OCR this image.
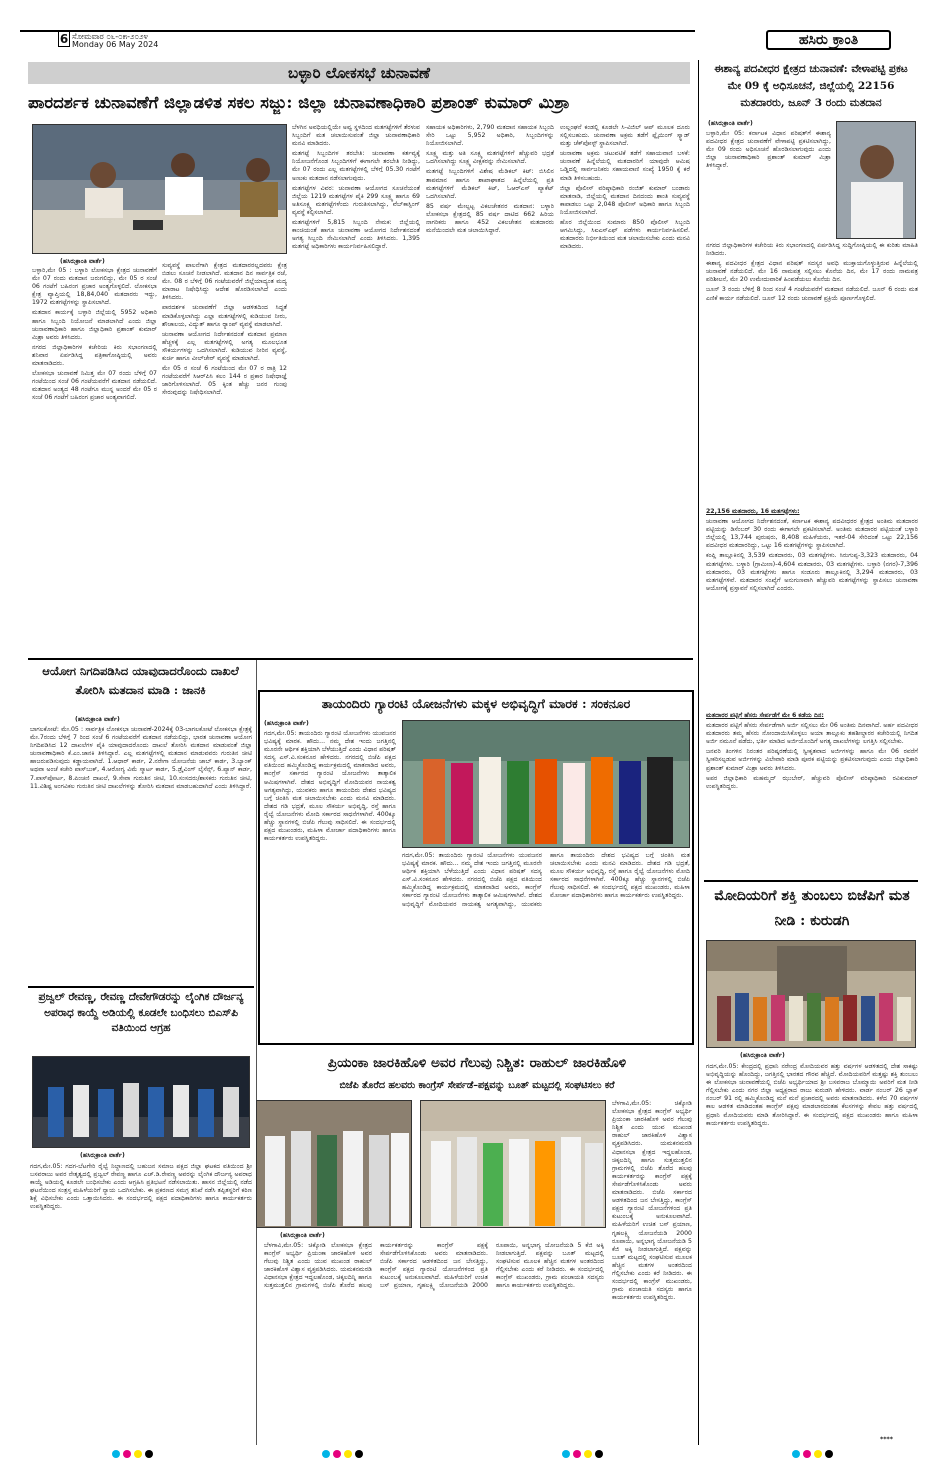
6 ಸೋಮವಾರ ೦೬-೦೫-೨೦೨೪
Monday 06 May 2024	ಹಸಿರು ಕ್ರಾಂತಿ
ಬಳ್ಳಾರಿ ಲೋಕಸಭೆ ಚುನಾವಣೆ
ಪಾರದರ್ಶಕ ಚುನಾವಣೆಗೆ ಜಿಲ್ಲಾಡಳಿತ ಸಕಲ ಸಜ್ಜು: ಜಿಲ್ಲಾ ಚುನಾವಣಾಧಿಕಾರಿ ಪ್ರಶಾಂತ್ ಕುಮಾರ್ ಮಿಶ್ರಾ
(ಹಸಿರುಕ್ರಾಂತಿ ವಾರ್ತೆ)

ಬಳ್ಳಾರಿ,ಮೇ 05 : ಬಳ್ಳಾರಿ ಲೋಕಸಭಾ ಕ್ಷೇತ್ರದ ಚುನಾವಣೆಗೆ ಮೇ 07 ರಂದು ಮತದಾನ ಜರುಗಲಿದ್ದು, ಮೇ 05 ರ ಸಂಜೆ 06 ಗಂಟೆಗೆ ಬಹಿರಂಗ ಪ್ರಚಾರ ಅಂತ್ಯಗೊಳ್ಳಲಿದೆ. ಲೋಕಸಭಾ ಕ್ಷೇತ್ರ ವ್ಯಾಪ್ತಿಯಲ್ಲಿ 18,84,040 ಮತದಾರರು ಇದ್ದು, 1972 ಮತಗಟ್ಟೆಗಳನ್ನು ಸ್ಥಾಪಿಸಲಾಗಿದೆ.

ಮತದಾನ ಕಾರ್ಯಕ್ಕೆ ಬಳ್ಳಾರಿ ಜಿಲ್ಲೆಯಲ್ಲಿ 5952 ಅಧಿಕಾರಿ ಹಾಗೂ ಸಿಬ್ಬಂದಿ ನಿಯೋಜನೆ ಮಾಡಲಾಗಿದೆ ಎಂದು ಜಿಲ್ಲಾ ಚುನಾವಣಾಧಿಕಾರಿ ಹಾಗೂ ಜಿಲ್ಲಾಧಿಕಾರಿ ಪ್ರಶಾಂತ್ ಕುಮಾರ್ ಮಿಶ್ರಾ ಅವರು ತಿಳಿಸಿದರು.

ನಗರದ ಜಿಲ್ಲಾಧಿಕಾರಿಗಳ ಕಚೇರಿಯ ಕಿರು ಸಭಾಂಗಣದಲ್ಲಿ ಶನಿವಾರ ಏರ್ಪಡಿಸಿದ್ದ ಪತ್ರಿಕಾಗೋಷ್ಠಿಯಲ್ಲಿ ಅವರು ಮಾತನಾಡಿದರು.

ಲೋಕಸಭಾ ಚುನಾವಣೆ ನಿಮಿತ್ತ ಮೇ 07 ರಂದು ಬೆಳಿಗ್ಗೆ 07 ಗಂಟೆಯಿಂದ ಸಂಜೆ 06 ಗಂಟೆಯವರೆಗೆ ಮತದಾನ ನಡೆಯಲಿದೆ. ಮತದಾನ ಅಂತ್ಯದ 48 ಗಂಟೆಗೂ ಮುನ್ನ ಅಂದರೆ ಮೇ 05 ರ ಸಂಜೆ 06 ಗಂಟೆಗೆ ಬಹಿರಂಗ ಪ್ರಚಾರ ಅಂತ್ಯವಾಗಲಿದೆ.

ಸುವ್ಯವಸ್ಥೆ ಪಾಲನೆಗಾಗಿ ಕ್ಷೇತ್ರದ ಮತದಾರರಲ್ಲದವರು ಕ್ಷೇತ್ರ ಬಿಡಲು ಸೂಚನೆ ನೀಡಲಾಗಿದೆ. ಮತದಾನ ದಿನ ಸಾರ್ವತ್ರಿಕ ರಜೆ, ಮೇ. 08 ರ ಬೆಳಿಗ್ಗೆ 06 ಗಂಟೆಯವರೆಗೆ ಜಿಲ್ಲೆಯಾದ್ಯಂತ ಮದ್ಯ ಮಾರಾಟ ನಿಷೇಧಿಸಿದ್ದು ಆದೇಶ ಹೊರಡಿಸಲಾಗಿದೆ ಎಂದು ತಿಳಿಸಿದರು.

ಪಾರದರ್ಶಕ ಚುನಾವಣೆಗೆ ಜಿಲ್ಲಾ ಆಡಳಿತದಿಂದ ಸಿದ್ಧತೆ ಮಾಡಿಕೊಳ್ಳಲಾಗಿದ್ದು ಎಲ್ಲಾ ಮತಗಟ್ಟೆಗಳಲ್ಲಿ ಕುಡಿಯುವ ನೀರು, ಶೌಚಾಲಯ, ವಿದ್ಯುತ್ ಹಾಗೂ ರ್‍ಯಾಂಪ್ ವ್ಯವಸ್ಥೆ ಮಾಡಲಾಗಿದೆ.

ಚುನಾವಣಾ ಆಯೋಗದ ನಿರ್ದೇಶನದಂತೆ ಮತದಾನ ಪ್ರಮಾಣ ಹೆಚ್ಚಳಕ್ಕೆ ಎಲ್ಲ ಮತಗಟ್ಟೆಗಳಲ್ಲಿ ಅಗತ್ಯ ಮೂಲಭೂತ ಸೌಕರ್ಯಗಳನ್ನು ಒದಗಿಸಲಾಗಿದೆ. ಕುಡಿಯುವ ನೀರಿನ ವ್ಯವಸ್ಥೆ, ಕುರ್ಚಿ ಹಾಗೂ ವೀಲ್‌ಚೇರ್ ವ್ಯವಸ್ಥೆ ಮಾಡಲಾಗಿದೆ.

ಮೇ 05 ರ ಸಂಜೆ 6 ಗಂಟೆಯಿಂದ ಮೇ 07 ರ ರಾತ್ರಿ 12 ಗಂಟೆಯವರೆಗೆ ಸಿಆರ್‌ಪಿಸಿ ಕಲಂ 144 ರ ಪ್ರಕಾರ ನಿಷೇಧಾಜ್ಞೆ ಜಾರಿಗೊಳಿಸಲಾಗಿದೆ. 05 ಕ್ಕಿಂತ ಹೆಚ್ಚು ಜನರ ಗುಂಪು ಸೇರುವುದನ್ನು ನಿಷೇಧಿಸಲಾಗಿದೆ.

ಬೆಳಗಿನ ಅವಧಿಯಲ್ಲಿಯೇ ಅವ್ವ ಸ್ಥಳದಿಂದ ಮತಗಟ್ಟೆಗಳಿಗೆ ತೆರಳುವ ಸಿಬ್ಬಂದಿಗೆ ಮತ ಚಲಾಯಿಸುವಂತೆ ಜಿಲ್ಲಾ ಚುನಾವಣಾಧಿಕಾರಿ ಮನವಿ ಮಾಡಿದರು.

ಮತಗಟ್ಟೆ ಸಿಬ್ಬಂದಿಗಳ ತರಬೇತಿ: ಚುನಾವಣಾ ಕರ್ತವ್ಯಕ್ಕೆ ನಿಯೋಜನೆಗೊಂಡ ಸಿಬ್ಬಂದಿಗಳಿಗೆ ಈಗಾಗಲೇ ತರಬೇತಿ ನೀಡಿದ್ದು, ಮೇ 07 ರಂದು ಎಲ್ಲ ಮತಗಟ್ಟೆಗಳಲ್ಲಿ ಬೆಳಿಗ್ಗೆ 05.30 ಗಂಟೆಗೆ ಅಣುಕು ಮತದಾನ ನಡೆಸಲಾಗುವುದು.

ಮತಗಟ್ಟೆಗಳ ವಿವರ: ಚುನಾವಣಾ ಆಯೋಗದ ಸೂಚನೆಯಂತೆ ಜಿಲ್ಲೆಯ 1219 ಮತಗಟ್ಟೆಗಳ ಪೈಕಿ 299 ಸೂಕ್ಷ್ಮ ಹಾಗೂ 69 ಅತಿಸೂಕ್ಷ್ಮ ಮತಗಟ್ಟೆಗಳೆಂದು ಗುರುತಿಸಲಾಗಿದ್ದು, ವೆಬ್‌ಕಾಸ್ಟಿಂಗ್ ವ್ಯವಸ್ಥೆ ಕಲ್ಪಿಸಲಾಗಿದೆ.

ಮತಗಟ್ಟೆಗಳಿಗೆ 5,815 ಸಿಬ್ಬಂದಿ ನೇಮಕ: ಜಿಲ್ಲೆಯಲ್ಲಿ ಕಾಂಚಿಯಂತೆ ಹಾಗೂ ಚುನಾವಣಾ ಆಯೋಗದ ನಿರ್ದೇಶನದಂತೆ ಅಗತ್ಯ ಸಿಬ್ಬಂದಿ ನೇಮಿಸಲಾಗಿದೆ ಎಂದು ತಿಳಿಸಿದರು. 1,395 ಮತಗಟ್ಟೆ ಅಧಿಕಾರಿಗಳು ಕಾರ್ಯನಿರ್ವಹಿಸಲಿದ್ದಾರೆ.

ಸಹಾಯಕ ಅಧಿಕಾರಿಗಳು, 2,790 ಮತದಾನ ಸಹಾಯಕ ಸಿಬ್ಬಂದಿ ಸೇರಿ ಒಟ್ಟು 5,952 ಅಧಿಕಾರಿ, ಸಿಬ್ಬಂದಿಗಳನ್ನು ನಿಯೋಜಿಸಲಾಗಿದೆ.

ಸೂಕ್ಷ್ಮ ಮತ್ತು ಅತಿ ಸೂಕ್ಷ್ಮ ಮತಗಟ್ಟೆಗಳಿಗೆ ಹೆಚ್ಚುವರಿ ಭದ್ರತೆ ಒದಗಿಸಲಾಗಿದ್ದು ಸೂಕ್ಷ್ಮ ವೀಕ್ಷಕರನ್ನು ನೇಮಿಸಲಾಗಿದೆ.

ಮತಗಟ್ಟೆ ಸಿಬ್ಬಂದಿಗಳಿಗೆ ವಿಶೇಷ ಮೆಡಿಕಲ್ ಕಿಟ್: ಬಿಸಿಲಿನ ತಾಪಮಾನ ಹಾಗೂ ಶಾಖಾಘಾತದ ಹಿನ್ನೆಲೆಯಲ್ಲಿ ಪ್ರತಿ ಮತಗಟ್ಟೆಗಳಿಗೆ ಮೆಡಿಕಲ್ ಕಿಟ್, ಓಆರ್‌ಎಸ್ ಪ್ಯಾಕೆಟ್ ಒದಗಿಸಲಾಗಿದೆ.

85 ವರ್ಷ ಮೇಲ್ಪಟ್ಟ ವಿಕಲಚೇತನರ ಮತದಾನ: ಬಳ್ಳಾರಿ ಲೋಕಸಭಾ ಕ್ಷೇತ್ರದಲ್ಲಿ 85 ವರ್ಷ ದಾಟಿದ 662 ಹಿರಿಯ ನಾಗರಿಕರು ಹಾಗೂ 452 ವಿಕಲಚೇತನ ಮತದಾರರು ಮನೆಯಿಂದಲೇ ಮತ ಚಲಾಯಿಸಿದ್ದಾರೆ.

ಉಲ್ಲಂಘನೆ ಕಂಡಲ್ಲಿ ಕೂಡಲೇ ಸಿ-ವಿಜಿಲ್ ಆಪ್ ಮೂಲಕ ದೂರು ಸಲ್ಲಿಸಬಹುದು. ಚುನಾವಣಾ ಅಕ್ರಮ ತಡೆಗೆ ಫ್ಲೈಯಿಂಗ್ ಸ್ಕ್ವಾಡ್ ಮತ್ತು ಚೆಕ್‌ಪೋಸ್ಟ್ ಸ್ಥಾಪಿಸಲಾಗಿದೆ.

ಚುನಾವಣಾ ಅಕ್ರಮ ಚಟುವಟಿಕೆ ತಡೆಗೆ ಸಹಾಯವಾಣಿ ಬಳಕೆ: ಚುನಾವಣೆ ಹಿನ್ನೆಲೆಯಲ್ಲಿ ಮತದಾರರಿಗೆ ಯಾವುದೇ ಆಮಿಷ ಒಡ್ಡಿದಲ್ಲಿ ಸಾರ್ವಜನಿಕರು ಸಹಾಯವಾಣಿ ಸಂಖ್ಯೆ 1950 ಕ್ಕೆ ಕರೆ ಮಾಡಿ ತಿಳಿಸಬಹುದು.

ಜಿಲ್ಲಾ ಪೊಲೀಸ್ ವರಿಷ್ಠಾಧಿಕಾರಿ ರಂಜಿತ್ ಕುಮಾರ್ ಬಂಡಾರು ಮಾತನಾಡಿ, ಜಿಲ್ಲೆಯಲ್ಲಿ ಮತದಾನ ದಿನದಂದು ಶಾಂತಿ ಸುವ್ಯವಸ್ಥೆ ಕಾಪಾಡಲು ಒಟ್ಟು 2,048 ಪೊಲೀಸ್ ಅಧಿಕಾರಿ ಹಾಗೂ ಸಿಬ್ಬಂದಿ ನಿಯೋಜಿಸಲಾಗಿದೆ.

ಹೊರ ಜಿಲ್ಲೆಯಿಂದ ಸುಮಾರು 850 ಪೊಲೀಸ್ ಸಿಬ್ಬಂದಿ ಆಗಮಿಸಿದ್ದು, ಸಿಐಎಸ್‌ಎಫ್ ಪಡೆಗಳು ಕಾರ್ಯನಿರ್ವಹಿಸಲಿವೆ. ಮತದಾರರು ನಿರ್ಭೀತಿಯಿಂದ ಮತ ಚಲಾಯಿಸಬೇಕು ಎಂದು ಮನವಿ ಮಾಡಿದರು.

ಈಶಾನ್ಯ ಪದವೀಧರ ಕ್ಷೇತ್ರದ ಚುನಾವಣೆ: ವೇಳಾಪಟ್ಟಿ ಪ್ರಕಟ ಮೇ 09 ಕ್ಕೆ ಅಧಿಸೂಚನೆ, ಜಿಲ್ಲೆಯಲ್ಲಿ 22156 ಮತದಾರರು, ಜೂನ್ 3 ರಂದು ಮತದಾನ
(ಹಸಿರುಕ್ರಾಂತಿ ವಾರ್ತೆ)

ಬಳ್ಳಾರಿ,ಮೇ 05: ಕರ್ನಾಟಕ ವಿಧಾನ ಪರಿಷತ್‌ಗೆ ಈಶಾನ್ಯ ಪದವೀಧರ ಕ್ಷೇತ್ರದ ಚುನಾವಣೆಗೆ ವೇಳಾಪಟ್ಟಿ ಪ್ರಕಟಿಸಲಾಗಿದ್ದು, ಮೇ 09 ರಂದು ಅಧಿಸೂಚನೆ ಹೊರಡಿಸಲಾಗುವುದು ಎಂದು ಜಿಲ್ಲಾ ಚುನಾವಣಾಧಿಕಾರಿ ಪ್ರಶಾಂತ್ ಕುಮಾರ್ ಮಿಶ್ರಾ ತಿಳಿಸಿದ್ದಾರೆ.

ನಗರದ ಜಿಲ್ಲಾಧಿಕಾರಿಗಳ ಕಚೇರಿಯ ಕಿರು ಸಭಾಂಗಣದಲ್ಲಿ ಏರ್ಪಡಿಸಿದ್ದ ಸುದ್ದಿಗೋಷ್ಠಿಯಲ್ಲಿ ಈ ಕುರಿತು ಮಾಹಿತಿ ನೀಡಿದರು.

ಈಶಾನ್ಯ ಪದವೀಧರ ಕ್ಷೇತ್ರದ ವಿಧಾನ ಪರಿಷತ್ ಸದಸ್ಯರ ಅವಧಿ ಮುಕ್ತಾಯಗೊಳ್ಳುತ್ತಿರುವ ಹಿನ್ನೆಲೆಯಲ್ಲಿ ಚುನಾವಣೆ ನಡೆಯಲಿದೆ. ಮೇ 16 ನಾಮಪತ್ರ ಸಲ್ಲಿಸಲು ಕೊನೆಯ ದಿನ, ಮೇ 17 ರಂದು ನಾಮಪತ್ರ ಪರಿಶೀಲನೆ, ಮೇ 20 ಉಮೇದುವಾರಿಕೆ ಹಿಂಪಡೆಯಲು ಕೊನೆಯ ದಿನ.

ಜೂನ್ 3 ರಂದು ಬೆಳಿಗ್ಗೆ 8 ರಿಂದ ಸಂಜೆ 4 ಗಂಟೆಯವರೆಗೆ ಮತದಾನ ನಡೆಯಲಿದೆ. ಜೂನ್ 6 ರಂದು ಮತ ಎಣಿಕೆ ಕಾರ್ಯ ನಡೆಯಲಿದೆ. ಜೂನ್ 12 ರಂದು ಚುನಾವಣೆ ಪ್ರಕ್ರಿಯೆ ಪೂರ್ಣಗೊಳ್ಳಲಿದೆ.

22,156 ಮತದಾರರು, 16 ಮತಗಟ್ಟೆಗಳು:

ಚುನಾವಣಾ ಆಯೋಗದ ನಿರ್ದೇಶನದಂತೆ, ಕರ್ನಾಟಕ ಈಶಾನ್ಯ ಪದವೀಧರರ ಕ್ಷೇತ್ರದ ಅಂತಿಮ ಮತದಾರರ ಪಟ್ಟಿಯನ್ನು ಡಿಸೆಂಬರ್ 30 ರಂದು ಈಗಾಗಲೇ ಪ್ರಕಟಿಸಲಾಗಿದೆ. ಅಂತಿಮ ಮತದಾರರ ಪಟ್ಟಿಯಂತೆ ಬಳ್ಳಾರಿ ಜಿಲ್ಲೆಯಲ್ಲಿ 13,744 ಪುರುಷರು, 8,408 ಮಹಿಳೆಯರು, ಇತರೆ-04 ಸೇರಿದಂತೆ ಒಟ್ಟು 22,156 ಪದವೀಧರ ಮತದಾರರಿದ್ದು, ಒಟ್ಟು 16 ಮತಗಟ್ಟೆಗಳನ್ನು ಸ್ಥಾಪಿಸಲಾಗಿದೆ.

ಕಂಪ್ಲಿ ತಾಲ್ಲೂಕಿನಲ್ಲಿ 3,539 ಮತದಾರರು, 03 ಮತಗಟ್ಟೆಗಳು. ಸಿರುಗುಪ್ಪ-3,323 ಮತದಾರರು, 04 ಮತಗಟ್ಟೆಗಳು. ಬಳ್ಳಾರಿ (ಗ್ರಾಮೀಣ)-4,604 ಮತದಾರರು, 03 ಮತಗಟ್ಟೆಗಳು. ಬಳ್ಳಾರಿ (ನಗರ)-7,396 ಮತದಾರರು, 03 ಮತಗಟ್ಟೆಗಳು ಹಾಗೂ ಸಂಡೂರು ತಾಲ್ಲೂಕಿನಲ್ಲಿ 3,294 ಮತದಾರರು, 03 ಮತಗಟ್ಟೆಗಳಿವೆ. ಮತದಾರರ ಸಂಖ್ಯೆಗೆ ಅನುಗುಣವಾಗಿ ಹೆಚ್ಚುವರಿ ಮತಗಟ್ಟೆಗಳನ್ನು ಸ್ಥಾಪಿಸಲು ಚುನಾವಣಾ ಆಯೋಗಕ್ಕೆ ಪ್ರಸ್ತಾವನೆ ಸಲ್ಲಿಸಲಾಗಿದೆ ಎಂದರು.

ಮತದಾರರ ಪಟ್ಟಿಗೆ ಹೆಸರು ಸೇರ್ಪಡೆಗೆ ಮೇ 6 ಕಡೆಯ ದಿನ:

ಮತದಾರರ ಪಟ್ಟಿಗೆ ಹೆಸರು ಸೇರ್ಪಡೆಗಾಗಿ ಅರ್ಜಿ ಸಲ್ಲಿಸಲು ಮೇ 06 ಅಂತಿಮ ದಿನವಾಗಿದೆ. ಅರ್ಹ ಪದವೀಧರ ಮತದಾರರು ತಮ್ಮ ಹೆಸರು ನೋಂದಾಯಿಸಿಕೊಳ್ಳಲು ಅಯಾ ತಾಲ್ಲೂಕು ತಹಶೀಲ್ದಾರರ ಕಚೇರಿಯಲ್ಲಿ ನಿಗದಿತ ಅರ್ಜಿ ನಮೂನೆ ಪಡೆದು, ಭರ್ತಿ ಮಾಡಿದ ಅರ್ಜಿಯೊಂದಿಗೆ ಅಗತ್ಯ ದಾಖಲೆಗಳನ್ನು ಲಗತ್ತಿಸಿ ಸಲ್ಲಿಸಬೇಕು.

ಜನವರಿ ತಿಂಗಳಿನ ನಿರಂತರ ಪರಿಷ್ಕರಣೆಯಲ್ಲಿ ಸ್ವೀಕೃತವಾದ ಅರ್ಜಿಗಳನ್ನು ಹಾಗೂ ಮೇ 06 ರವರೆಗೆ ಸ್ವೀಕರಿಸಲ್ಪಡುವ ಅರ್ಜಿಗಳನ್ನು ವಿಲೇವಾರಿ ಮಾಡಿ ಪೂರಕ ಪಟ್ಟಿಯನ್ನು ಪ್ರಕಟಿಸಲಾಗುವುದು ಎಂದು ಜಿಲ್ಲಾಧಿಕಾರಿ ಪ್ರಶಾಂತ್ ಕುಮಾರ್ ಮಿಶ್ರಾ ಅವರು ತಿಳಿಸಿದರು.

ಅಪರ ಜಿಲ್ಲಾಧಿಕಾರಿ ಮಹಮ್ಮದ್ ಝುಬೇರ್, ಹೆಚ್ಚುವರಿ ಪೊಲೀಸ್ ವರಿಷ್ಠಾಧಿಕಾರಿ ರವಿಕುಮಾರ್ ಉಪಸ್ಥಿತರಿದ್ದರು.

ಮೋದಿಯರಿಗೆ ಶಕ್ತಿ ತುಂಬಲು ಬಿಜೆಪಿಗೆ ಮತ ನೀಡಿ : ಕುರುಡಗಿ
(ಹಸಿರುಕ್ರಾಂತಿ ವಾರ್ತೆ)
ಗದಗ,ಮೇ.05: ಕೇಂದ್ರದಲ್ಲಿ ಪ್ರಧಾನಿ ನರೇಂದ್ರ ಮೋದಿಯವರ ಹತ್ತು ವರ್ಷಗಳ ಆಡಳಿತದಲ್ಲಿ ದೇಶ ಸಾಕಷ್ಟು ಅಭಿವೃದ್ಧಿಯನ್ನು ಹೊಂದಿದ್ದು, ಜಗತ್ತಿನಲ್ಲಿ ಭಾರತದ ಗೌರವ ಹೆಚ್ಚಿದೆ. ಮೋದಿಯವರಿಗೆ ಮತ್ತಷ್ಟು ಶಕ್ತಿ ತುಂಬಲು ಈ ಲೋಕಸಭಾ ಚುನಾವಣೆಯಲ್ಲಿ ಬಿಜೆಪಿ ಅಭ್ಯರ್ಥಿಯಾದ ಶ್ರೀ ಬಸವರಾಜ ಬೊಮ್ಮಾಯಿ ಅವರಿಗೆ ಮತ ನೀಡಿ ಗೆಲ್ಲಿಸಬೇಕು ಎಂದು ನಗರ ಜಿಲ್ಲಾ ಅಧ್ಯಕ್ಷರಾದ ರಾಜು ಕುರುಡಗಿ ಹೇಳಿದರು. ವಾರ್ಡ ನಂಬರ್ 26 ಬ್ಲಾಕ್ ನಂಬರ್ 91 ರಲ್ಲಿ ಹಮ್ಮಿಕೊಂಡಿದ್ದ ಮನೆ ಮನೆ ಪ್ರಚಾರದಲ್ಲಿ ಅವರು ಮಾತನಾಡಿದರು. ಕಳೆದ 70 ವರ್ಷಗಳ ಕಾಲ ಆಡಳಿತ ಮಾಡಿದಂತಹ ಕಾಂಗ್ರೆಸ್ ಪಕ್ಷವು ಮಾಡಲಾರದಂತಹ ಕೆಲಸಗಳನ್ನು ಕೇವಲ ಹತ್ತು ವರ್ಷದಲ್ಲಿ ಪ್ರಧಾನಿ ಮೋದಿಯವರು ಮಾಡಿ ತೋರಿಸಿದ್ದಾರೆ. ಈ ಸಂದರ್ಭದಲ್ಲಿ ಪಕ್ಷದ ಮುಖಂಡರು ಹಾಗೂ ಮಹಿಳಾ ಕಾರ್ಯಕರ್ತರು ಉಪಸ್ಥಿತರಿದ್ದರು.
****
ಆಯೋಗ ನಿಗದಿಪಡಿಸಿದ ಯಾವುದಾದರೊಂದು ದಾಖಲೆ ತೋರಿಸಿ ಮತದಾನ ಮಾಡಿ : ಜಾನಕಿ
(ಹಸಿರುಕ್ರಾಂತಿ ವಾರ್ತೆ)
ಬಾಗಲಕೋಟೆ: ಮೇ.05 : ಸಾರ್ವತ್ರಿಕ ಲೋಕಸಭಾ ಚುನಾವಣೆ-2024ಕ್ಕೆ 03-ಬಾಗಲಕೋಟೆ ಲೋಕಸಭಾ ಕ್ಷೇತ್ರಕ್ಕೆ ಮೇ.7ರಂದು ಬೆಳಿಗ್ಗೆ 7 ರಿಂದ ಸಂಜೆ 6 ಗಂಟೆಯವರೆಗೆ ಮತದಾನ ನಡೆಯಲಿದ್ದು, ಭಾರತ ಚುನಾವಣಾ ಆಯೋಗ ನಿಗದಿಪಡಿಸಿದ 12 ದಾಖಲೆಗಳ ಪೈಕಿ ಯಾವುದಾದರೊಂದು ದಾಖಲೆ ತೋರಿಸಿ ಮತದಾನ ಮಾಡುವಂತೆ ಜಿಲ್ಲಾ ಚುನಾವಣಾಧಿಕಾರಿ ಕೆ.ಎಂ.ಜಾನಕಿ ತಿಳಿಸಿದ್ದಾರೆ. ಎಲ್ಲ ಮತಗಟ್ಟೆಗಳಲ್ಲಿ ಮತದಾನ ಮಾಡುವವರು ಗುರುತಿನ ಚೀಟಿ ಹಾಜರುಪಡಿಸುವುದು ಕಡ್ಡಾಯವಾಗಿದೆ. 1.ಆಧಾರ್ ಕಾರ್ಡ, 2.ನರೇಗಾ ಯೋಜನೆಯ ಜಾಬ್ ಕಾರ್ಡ, 3.ಬ್ಯಾಂಕ್ ಅಥವಾ ಅಂಚೆ ಕಚೇರಿ ಪಾಸ್‌ಬುಕ್, 4.ಆರೋಗ್ಯ ವಿಮೆ ಸ್ಮಾರ್ಟ ಕಾರ್ಡ, 5.ಡ್ರೈವಿಂಗ್ ಲೈಸೆನ್ಸ್, 6.ಪ್ಯಾನ್ ಕಾರ್ಡ, 7.ಪಾಸ್‌ಪೋರ್ಟ, 8.ಪಿಂಚಣಿ ದಾಖಲೆ, 9.ಸೇವಾ ಗುರುತಿನ ಚೀಟಿ, 10.ಸಂಸದರು/ಶಾಸಕರು ಗುರುತಿನ ಚೀಟಿ, 11.ವಿಶಿಷ್ಟ ಅಂಗವಿಕಲ ಗುರುತಿನ ಚೀಟಿ ದಾಖಲೆಗಳನ್ನು ತೋರಿಸಿ ಮತದಾನ ಮಾಡಬಹುದಾಗಿದೆ ಎಂದು ತಿಳಿಸಿದ್ದಾರೆ.
ಪ್ರಜ್ವಲ್ ರೇವಣ್ಣ, ರೇವಣ್ಣ ದೇವೇಗೌಡರನ್ನು ಲೈಂಗಿಕ ದೌರ್ಜನ್ಯ ಅಪರಾಧ ಕಾಯ್ದೆ ಅಡಿಯಲ್ಲಿ ಕೂಡಲೇ ಬಂಧಿಸಲು ಬಿಎಸ್‌ಪಿ ವತಿಯಿಂದ ಆಗ್ರಹ
(ಹಸಿರುಕ್ರಾಂತಿ ವಾರ್ತೆ)
ಗದಗ,ಮೇ.05: ಗದಗ-ಬೆಟಗೇರಿ ರೈಲ್ವೆ ನಿಲ್ದಾಣದಲ್ಲಿ ಬಹುಜನ ಸಮಾಜ ಪಕ್ಷದ ಜಿಲ್ಲಾ ಘಟಕದ ವತಿಯಿಂದ ಶ್ರೀ ಬಸವರಾಜು ಅವರ ನೇತೃತ್ವದಲ್ಲಿ ಪ್ರಜ್ವಲ್ ರೇವಣ್ಣ ಹಾಗೂ ಎಚ್.ಡಿ.ರೇವಣ್ಣ ಅವರನ್ನು ಲೈಂಗಿಕ ದೌರ್ಜನ್ಯ ಅಪರಾಧ ಕಾಯ್ದೆ ಅಡಿಯಲ್ಲಿ ಕೂಡಲೇ ಬಂಧಿಸಬೇಕು ಎಂದು ಆಗ್ರಹಿಸಿ ಪ್ರತಿಭಟನೆ ನಡೆಸಲಾಯಿತು. ಹಾಸನ ಜಿಲ್ಲೆಯಲ್ಲಿ ನಡೆದ ಘಟನೆಯಿಂದ ಸಂತ್ರಸ್ತ ಮಹಿಳೆಯರಿಗೆ ನ್ಯಾಯ ಒದಗಿಸಬೇಕು. ಈ ಪ್ರಕರಣದ ಸಮಗ್ರ ತನಿಖೆ ನಡೆಸಿ ತಪ್ಪಿತಸ್ಥರಿಗೆ ಕಠಿಣ ಶಿಕ್ಷೆ ವಿಧಿಸಬೇಕು ಎಂದು ಒತ್ತಾಯಿಸಿದರು. ಈ ಸಂದರ್ಭದಲ್ಲಿ ಪಕ್ಷದ ಪದಾಧಿಕಾರಿಗಳು ಹಾಗೂ ಕಾರ್ಯಕರ್ತರು ಉಪಸ್ಥಿತರಿದ್ದರು.
ತಾಯಂದಿರು ಗ್ಯಾರಂಟಿ ಯೋಜನೆಗಳು ಮಕ್ಕಳ ಅಭಿವೃದ್ಧಿಗೆ ಮಾರಕ : ಸಂಕನೂರ
(ಹಸಿರುಕ್ರಾಂತಿ ವಾರ್ತೆ)
ಗದಗ,ಮೇ.05: ತಾಯಂದಿರು ಗ್ಯಾರಂಟಿ ಯೋಜನೆಗಳು ಯುವಜನರ ಭವಿಷ್ಯಕ್ಕೆ ಮಾರಕ. ಹೌದು... ನಮ್ಮ ದೇಶ ಇಂದು ಜಗತ್ತಿನಲ್ಲಿ ಮೂರನೇ ಆರ್ಥಿಕ ಶಕ್ತಿಯಾಗಿ ಬೆಳೆಯುತ್ತಿದೆ ಎಂದು ವಿಧಾನ ಪರಿಷತ್ ಸದಸ್ಯ ಎಸ್.ವಿ.ಸಂಕನೂರ ಹೇಳಿದರು. ನಗರದಲ್ಲಿ ಬಿಜೆಪಿ ಪಕ್ಷದ ವತಿಯಿಂದ ಹಮ್ಮಿಕೊಂಡಿದ್ದ ಕಾರ್ಯಕ್ರಮದಲ್ಲಿ ಮಾತನಾಡಿದ ಅವರು, ಕಾಂಗ್ರೆಸ್ ಸರ್ಕಾರದ ಗ್ಯಾರಂಟಿ ಯೋಜನೆಗಳು ತಾತ್ಕಾಲಿಕ ಆಮಿಷಗಳಾಗಿವೆ. ದೇಶದ ಅಭಿವೃದ್ಧಿಗೆ ಮೋದಿಯವರ ನಾಯಕತ್ವ ಅಗತ್ಯವಾಗಿದ್ದು, ಯುವಕರು ಹಾಗೂ ತಾಯಂದಿರು ದೇಶದ ಭವಿಷ್ಯದ ಬಗ್ಗೆ ಚಿಂತಿಸಿ ಮತ ಚಲಾಯಿಸಬೇಕು ಎಂದು ಮನವಿ ಮಾಡಿದರು. ದೇಶದ ಗಡಿ ಭದ್ರತೆ, ಮೂಲ ಸೌಕರ್ಯ ಅಭಿವೃದ್ಧಿ, ರಸ್ತೆ ಹಾಗೂ ರೈಲ್ವೆ ಯೋಜನೆಗಳು ಮೋದಿ ಸರ್ಕಾರದ ಸಾಧನೆಗಳಾಗಿವೆ. 400ಕ್ಕೂ ಹೆಚ್ಚು ಸ್ಥಾನಗಳಲ್ಲಿ ಬಿಜೆಪಿ ಗೆಲುವು ಸಾಧಿಸಲಿದೆ. ಈ ಸಂದರ್ಭದಲ್ಲಿ ಪಕ್ಷದ ಮುಖಂಡರು, ಮಹಿಳಾ ಮೋರ್ಚಾ ಪದಾಧಿಕಾರಿಗಳು ಹಾಗೂ ಕಾರ್ಯಕರ್ತರು ಉಪಸ್ಥಿತರಿದ್ದರು.
ಗದಗ,ಮೇ.05: ತಾಯಂದಿರು ಗ್ಯಾರಂಟಿ ಯೋಜನೆಗಳು ಯುವಜನರ ಭವಿಷ್ಯಕ್ಕೆ ಮಾರಕ. ಹೌದು... ನಮ್ಮ ದೇಶ ಇಂದು ಜಗತ್ತಿನಲ್ಲಿ ಮೂರನೇ ಆರ್ಥಿಕ ಶಕ್ತಿಯಾಗಿ ಬೆಳೆಯುತ್ತಿದೆ ಎಂದು ವಿಧಾನ ಪರಿಷತ್ ಸದಸ್ಯ ಎಸ್.ವಿ.ಸಂಕನೂರ ಹೇಳಿದರು. ನಗರದಲ್ಲಿ ಬಿಜೆಪಿ ಪಕ್ಷದ ವತಿಯಿಂದ ಹಮ್ಮಿಕೊಂಡಿದ್ದ ಕಾರ್ಯಕ್ರಮದಲ್ಲಿ ಮಾತನಾಡಿದ ಅವರು, ಕಾಂಗ್ರೆಸ್ ಸರ್ಕಾರದ ಗ್ಯಾರಂಟಿ ಯೋಜನೆಗಳು ತಾತ್ಕಾಲಿಕ ಆಮಿಷಗಳಾಗಿವೆ. ದೇಶದ ಅಭಿವೃದ್ಧಿಗೆ ಮೋದಿಯವರ ನಾಯಕತ್ವ ಅಗತ್ಯವಾಗಿದ್ದು, ಯುವಕರು ಹಾಗೂ ತಾಯಂದಿರು ದೇಶದ ಭವಿಷ್ಯದ ಬಗ್ಗೆ ಚಿಂತಿಸಿ ಮತ ಚಲಾಯಿಸಬೇಕು ಎಂದು ಮನವಿ ಮಾಡಿದರು. ದೇಶದ ಗಡಿ ಭದ್ರತೆ, ಮೂಲ ಸೌಕರ್ಯ ಅಭಿವೃದ್ಧಿ, ರಸ್ತೆ ಹಾಗೂ ರೈಲ್ವೆ ಯೋಜನೆಗಳು ಮೋದಿ ಸರ್ಕಾರದ ಸಾಧನೆಗಳಾಗಿವೆ. 400ಕ್ಕೂ ಹೆಚ್ಚು ಸ್ಥಾನಗಳಲ್ಲಿ ಬಿಜೆಪಿ ಗೆಲುವು ಸಾಧಿಸಲಿದೆ. ಈ ಸಂದರ್ಭದಲ್ಲಿ ಪಕ್ಷದ ಮುಖಂಡರು, ಮಹಿಳಾ ಮೋರ್ಚಾ ಪದಾಧಿಕಾರಿಗಳು ಹಾಗೂ ಕಾರ್ಯಕರ್ತರು ಉಪಸ್ಥಿತರಿದ್ದರು.
ಪ್ರಿಯಂಕಾ ಜಾರಕಿಹೊಳಿ ಅವರ ಗೆಲುವು ನಿಶ್ಚಿತ: ರಾಹುಲ್ ಜಾರಕಿಹೊಳಿ
ಬಿಜೆಪಿ ತೊರೆದ ಹಲವರು ಕಾಂಗ್ರೆಸ್ ಸೇರ್ಪಡೆ–ಪಕ್ಷವನ್ನು ಬೂತ್ ಮಟ್ಟದಲ್ಲಿ ಸಂಘಟಿಸಲು ಕರೆ
(ಹಸಿರುಕ್ರಾಂತಿ ವಾರ್ತೆ)
ಬೆಳಗಾವಿ,ಮೇ.05: ಚಿಕ್ಕೋಡಿ ಲೋಕಸಭಾ ಕ್ಷೇತ್ರದ ಕಾಂಗ್ರೆಸ್ ಅಭ್ಯರ್ಥಿ ಪ್ರಿಯಂಕಾ ಜಾರಕಿಹೊಳಿ ಅವರ ಗೆಲುವು ನಿಶ್ಚಿತ ಎಂದು ಯುವ ಮುಖಂಡ ರಾಹುಲ್ ಜಾರಕಿಹೊಳಿ ವಿಶ್ವಾಸ ವ್ಯಕ್ತಪಡಿಸಿದರು. ಯಮಕನಮರಡಿ ವಿಧಾನಸಭಾ ಕ್ಷೇತ್ರದ ಇದ್ದಲಹೊಂಡ, ಚಿಕ್ಕಲದಿನ್ನಿ ಹಾಗೂ ಸುತ್ತಮುತ್ತಲಿನ ಗ್ರಾಮಗಳಲ್ಲಿ ಬಿಜೆಪಿ ತೊರೆದ ಹಲವು ಕಾರ್ಯಕರ್ತರನ್ನು ಕಾಂಗ್ರೆಸ್ ಪಕ್ಷಕ್ಕೆ ಸೇರ್ಪಡೆಗೊಳಿಸಿಕೊಂಡು ಅವರು ಮಾತನಾಡಿದರು. ಬಿಜೆಪಿ ಸರ್ಕಾರದ ಆಡಳಿತದಿಂದ ಜನ ಬೇಸತ್ತಿದ್ದು, ಕಾಂಗ್ರೆಸ್ ಪಕ್ಷದ ಗ್ಯಾರಂಟಿ ಯೋಜನೆಗಳಿಂದ ಪ್ರತಿ ಕುಟುಂಬಕ್ಕೆ ಅನುಕೂಲವಾಗಿದೆ. ಮಹಿಳೆಯರಿಗೆ ಉಚಿತ ಬಸ್ ಪ್ರಯಾಣ, ಗೃಹಲಕ್ಷ್ಮಿ ಯೋಜನೆಯಡಿ 2000 ರೂಪಾಯಿ, ಅನ್ನಭಾಗ್ಯ ಯೋಜನೆಯಡಿ 5 ಕೆಜಿ ಅಕ್ಕಿ ನೀಡಲಾಗುತ್ತಿದೆ. ಪಕ್ಷವನ್ನು ಬೂತ್ ಮಟ್ಟದಲ್ಲಿ ಸಂಘಟಿಸುವ ಮೂಲಕ ಹೆಚ್ಚಿನ ಮತಗಳ ಅಂತರದಿಂದ ಗೆಲ್ಲಿಸಬೇಕು ಎಂದು ಕರೆ ನೀಡಿದರು. ಈ ಸಂದರ್ಭದಲ್ಲಿ ಕಾಂಗ್ರೆಸ್ ಮುಖಂಡರು, ಗ್ರಾಮ ಪಂಚಾಯತಿ ಸದಸ್ಯರು ಹಾಗೂ ಕಾರ್ಯಕರ್ತರು ಉಪಸ್ಥಿತರಿದ್ದರು.
ಬೆಳಗಾವಿ,ಮೇ.05: ಚಿಕ್ಕೋಡಿ ಲೋಕಸಭಾ ಕ್ಷೇತ್ರದ ಕಾಂಗ್ರೆಸ್ ಅಭ್ಯರ್ಥಿ ಪ್ರಿಯಂಕಾ ಜಾರಕಿಹೊಳಿ ಅವರ ಗೆಲುವು ನಿಶ್ಚಿತ ಎಂದು ಯುವ ಮುಖಂಡ ರಾಹುಲ್ ಜಾರಕಿಹೊಳಿ ವಿಶ್ವಾಸ ವ್ಯಕ್ತಪಡಿಸಿದರು. ಯಮಕನಮರಡಿ ವಿಧಾನಸಭಾ ಕ್ಷೇತ್ರದ ಇದ್ದಲಹೊಂಡ, ಚಿಕ್ಕಲದಿನ್ನಿ ಹಾಗೂ ಸುತ್ತಮುತ್ತಲಿನ ಗ್ರಾಮಗಳಲ್ಲಿ ಬಿಜೆಪಿ ತೊರೆದ ಹಲವು ಕಾರ್ಯಕರ್ತರನ್ನು ಕಾಂಗ್ರೆಸ್ ಪಕ್ಷಕ್ಕೆ ಸೇರ್ಪಡೆಗೊಳಿಸಿಕೊಂಡು ಅವರು ಮಾತನಾಡಿದರು. ಬಿಜೆಪಿ ಸರ್ಕಾರದ ಆಡಳಿತದಿಂದ ಜನ ಬೇಸತ್ತಿದ್ದು, ಕಾಂಗ್ರೆಸ್ ಪಕ್ಷದ ಗ್ಯಾರಂಟಿ ಯೋಜನೆಗಳಿಂದ ಪ್ರತಿ ಕುಟುಂಬಕ್ಕೆ ಅನುಕೂಲವಾಗಿದೆ. ಮಹಿಳೆಯರಿಗೆ ಉಚಿತ ಬಸ್ ಪ್ರಯಾಣ, ಗೃಹಲಕ್ಷ್ಮಿ ಯೋಜನೆಯಡಿ 2000 ರೂಪಾಯಿ, ಅನ್ನಭಾಗ್ಯ ಯೋಜನೆಯಡಿ 5 ಕೆಜಿ ಅಕ್ಕಿ ನೀಡಲಾಗುತ್ತಿದೆ. ಪಕ್ಷವನ್ನು ಬೂತ್ ಮಟ್ಟದಲ್ಲಿ ಸಂಘಟಿಸುವ ಮೂಲಕ ಹೆಚ್ಚಿನ ಮತಗಳ ಅಂತರದಿಂದ ಗೆಲ್ಲಿಸಬೇಕು ಎಂದು ಕರೆ ನೀಡಿದರು. ಈ ಸಂದರ್ಭದಲ್ಲಿ ಕಾಂಗ್ರೆಸ್ ಮುಖಂಡರು, ಗ್ರಾಮ ಪಂಚಾಯತಿ ಸದಸ್ಯರು ಹಾಗೂ ಕಾರ್ಯಕರ್ತರು ಉಪಸ್ಥಿತರಿದ್ದರು.
